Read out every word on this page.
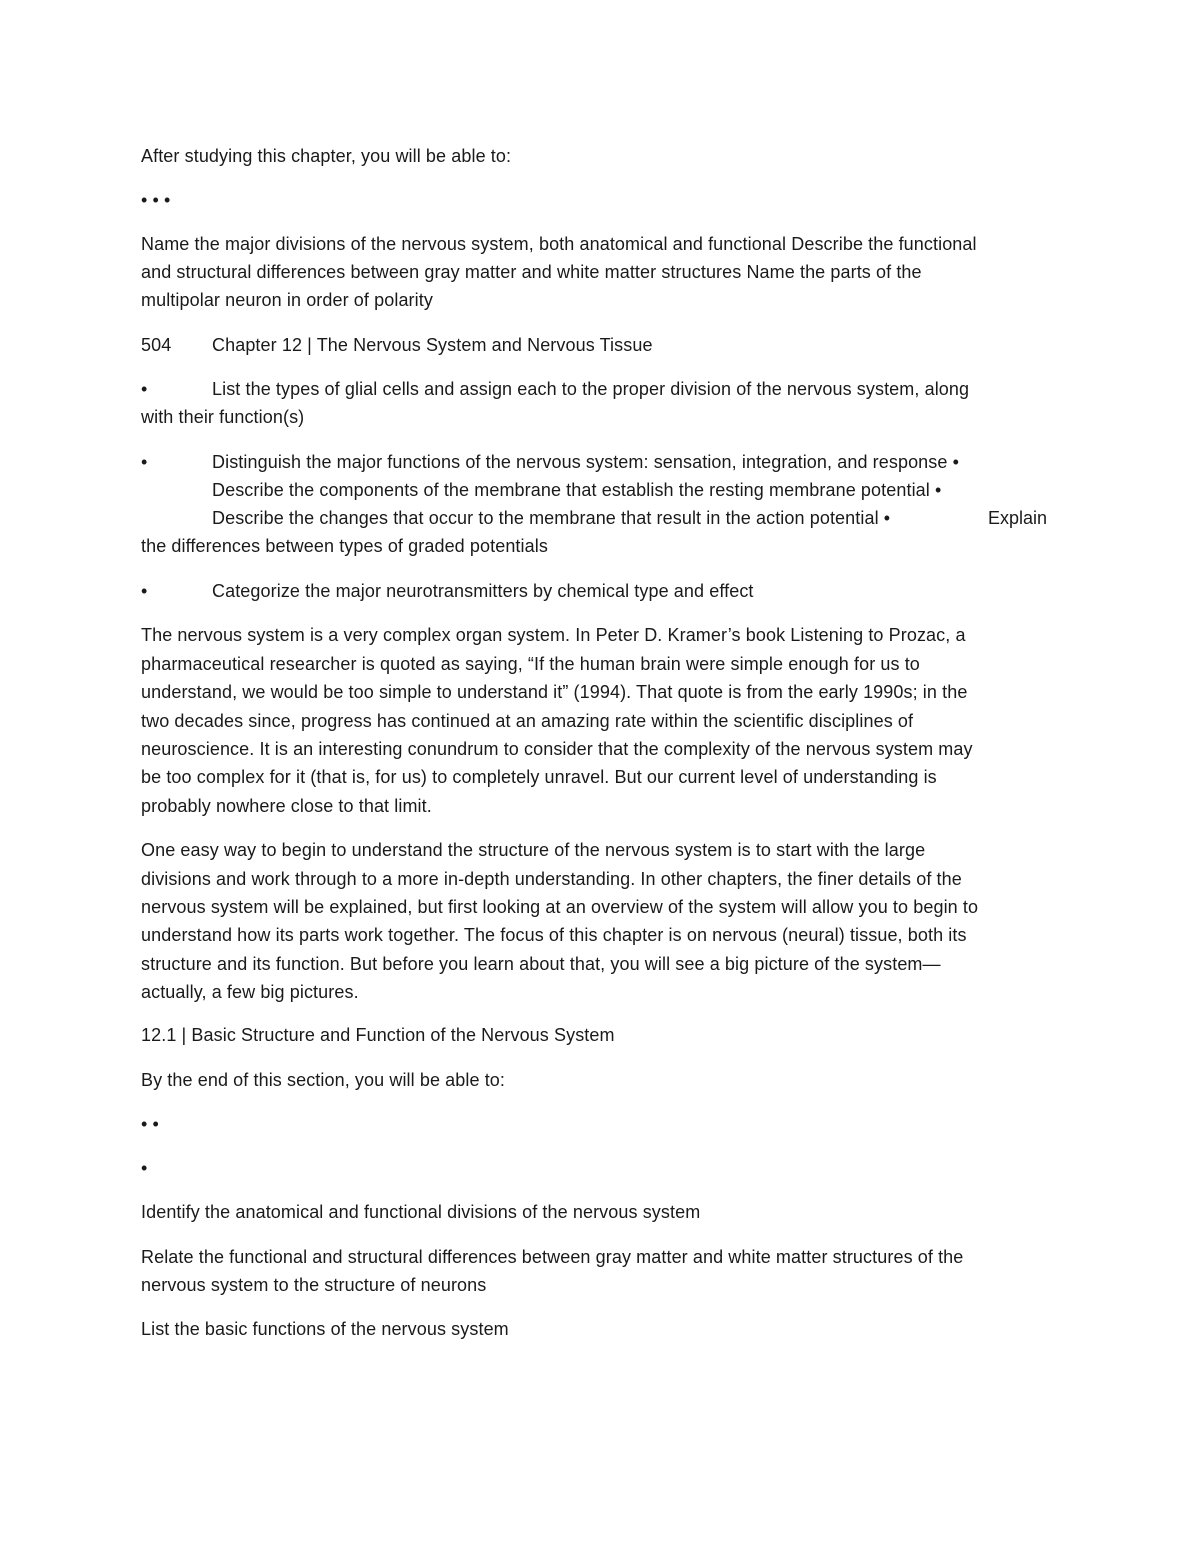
After studying this chapter, you will be able to:
• • •
Name the major divisions of the nervous system, both anatomical and functional Describe the functional
and structural differences between gray matter and white matter structures Name the parts of the
multipolar neuron in order of polarity
504 Chapter 12 | The Nervous System and Nervous Tissue
•	List the types of glial cells and assign each to the proper division of the nervous system, along
with their function(s)
•	Distinguish the major functions of the nervous system: sensation, integration, and response •
Describe the components of the membrane that establish the resting membrane potential •
Describe the changes that occur to the membrane that result in the action potential •	Explain
the differences between types of graded potentials
•	Categorize the major neurotransmitters by chemical type and effect
The nervous system is a very complex organ system. In Peter D. Kramer’s book Listening to Prozac, a
pharmaceutical researcher is quoted as saying, “If the human brain were simple enough for us to
understand, we would be too simple to understand it” (1994). That quote is from the early 1990s; in the
two decades since, progress has continued at an amazing rate within the scientific disciplines of
neuroscience. It is an interesting conundrum to consider that the complexity of the nervous system may
be too complex for it (that is, for us) to completely unravel. But our current level of understanding is
probably nowhere close to that limit.
One easy way to begin to understand the structure of the nervous system is to start with the large
divisions and work through to a more in-depth understanding. In other chapters, the finer details of the
nervous system will be explained, but first looking at an overview of the system will allow you to begin to
understand how its parts work together. The focus of this chapter is on nervous (neural) tissue, both its
structure and its function. But before you learn about that, you will see a big picture of the system—
actually, a few big pictures.
12.1 | Basic Structure and Function of the Nervous System
By the end of this section, you will be able to:
• •
•
Identify the anatomical and functional divisions of the nervous system
Relate the functional and structural differences between gray matter and white matter structures of the
nervous system to the structure of neurons
List the basic functions of the nervous system
